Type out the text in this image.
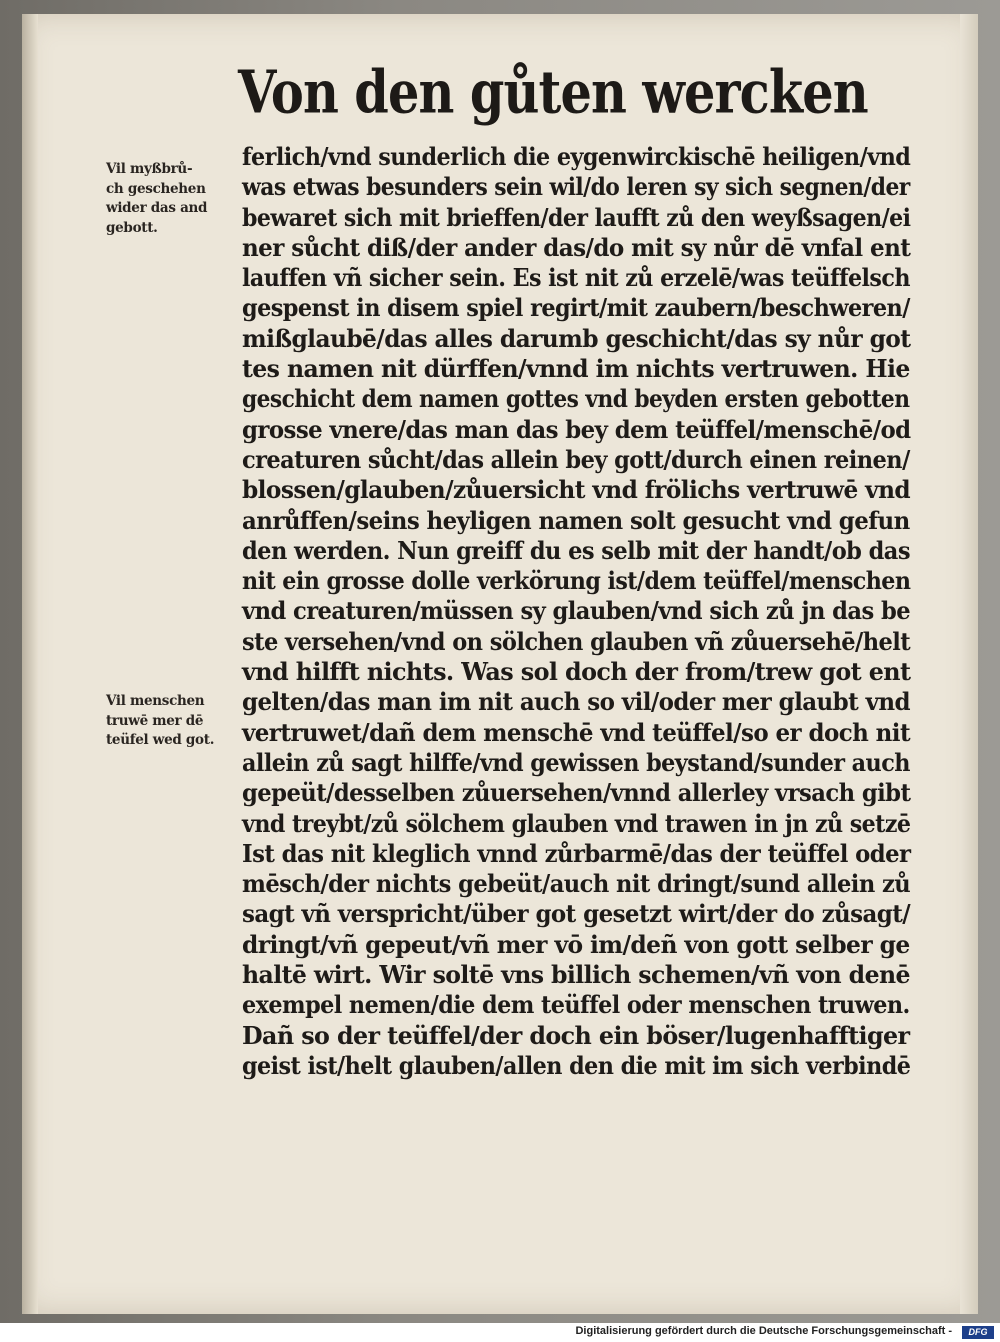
Von den gůten wercken
Vil myßbrů-
ch geschehen
wider das and
gebott.
Vil menschen
truwē mer dē
teüfel wed got.
ferlich/vnd sunderlich die eygenwirckischē heiligen/vnd
was etwas besunders sein wil/do leren sy sich segnen/der
bewaret sich mit brieffen/der laufft zů den weyßsagen/ei
ner sůcht diß/der ander das/do mit sy nůr dē vnfal ent
lauffen vñ sicher sein. Es ist nit zů erzelē/was teüffelsch
gespenst in disem spiel regirt/mit zaubern/beschweren/
mißglaubē/das alles darumb geschicht/das sy nůr got
tes namen nit dürffen/vnnd im nichts vertruwen. Hie
geschicht dem namen gottes vnd beyden ersten gebotten
grosse vnere/das man das bey dem teüffel/menschē/od
creaturen sůcht/das allein bey gott/durch einen reinen/
blossen/glauben/zůuersicht vnd frölichs vertruwē vnd
anrůffen/seins heyligen namen solt gesucht vnd gefun
den werden. Nun greiff du es selb mit der handt/ob das
nit ein grosse dolle verkörung ist/dem teüffel/menschen
vnd creaturen/müssen sy glauben/vnd sich zů jn das be
ste versehen/vnd on sölchen glauben vñ zůuersehē/helt
vnd hilfft nichts. Was sol doch der from/trew got ent
gelten/das man im nit auch so vil/oder mer glaubt vnd
vertruwet/dañ dem menschē vnd teüffel/so er doch nit
allein zů sagt hilffe/vnd gewissen beystand/sunder auch
gepeüt/desselben zůuersehen/vnnd allerley vrsach gibt
vnd treybt/zů sölchem glauben vnd trawen in jn zů setzē
Ist das nit kleglich vnnd zůrbarmē/das der teüffel oder
mēsch/der nichts gebeüt/auch nit dringt/sund allein zů
sagt vñ verspricht/über got gesetzt wirt/der do zůsagt/
dringt/vñ gepeut/vñ mer vō im/deñ von gott selber ge
haltē wirt. Wir soltē vns billich schemen/vñ von denē
exempel nemen/die dem teüffel oder menschen truwen.
Dañ so der teüffel/der doch ein böser/lugenhafftiger
geist ist/helt glauben/allen den die mit im sich verbindē
Digitalisierung gefördert durch die Deutsche Forschungsgemeinschaft -	DFG
